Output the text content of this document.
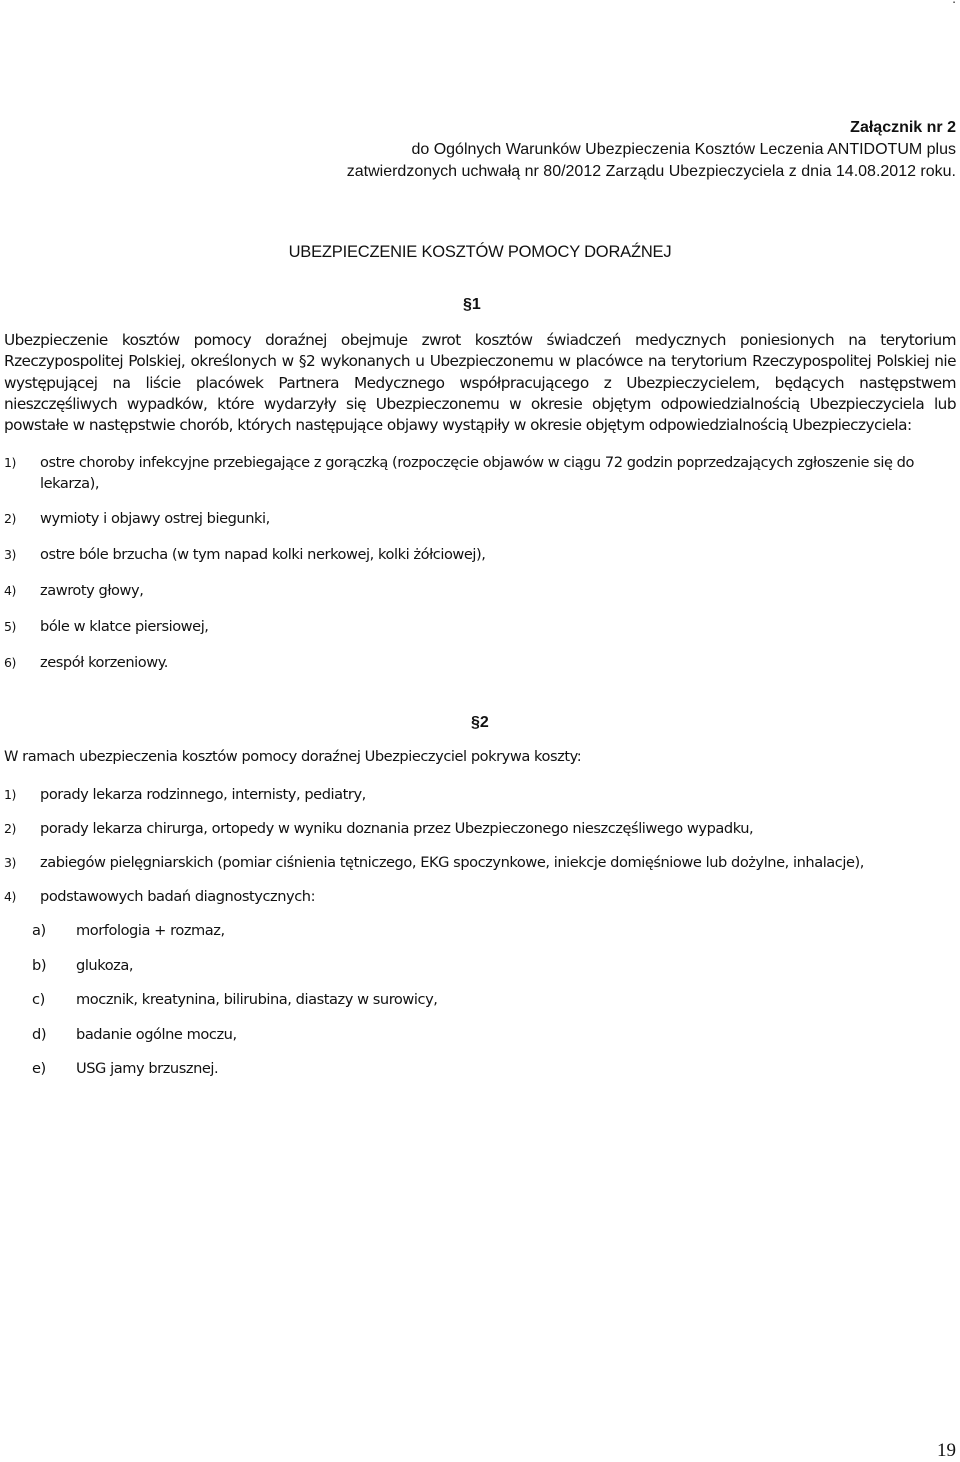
Załącznik nr 2
do Ogólnych Warunków Ubezpieczenia Kosztów Leczenia ANTIDOTUM plus
zatwierdzonych uchwałą nr 80/2012 Zarządu Ubezpieczyciela z dnia 14.08.2012 roku.
UBEZPIECZENIE KOSZTÓW POMOCY DORAŹNEJ
§1
Ubezpieczenie kosztów pomocy doraźnej obejmuje zwrot kosztów świadczeń medycznych poniesionych na terytorium Rzeczypospolitej Polskiej, określonych w §2 wykonanych u Ubezpieczonemu w placówce na terytorium Rzeczypospolitej Polskiej nie występującej na liście placówek Partnera Medycznego współpracującego z Ubezpieczycielem, będących następstwem nieszczęśliwych wypadków, które wydarzyły się Ubezpieczonemu w okresie objętym odpowiedzialnością Ubezpieczyciela lub powstałe w następstwie chorób, których następujące objawy wystąpiły w okresie objętym odpowiedzialnością Ubezpieczyciela:
1) ostre choroby infekcyjne przebiegające z gorączką (rozpoczęcie objawów w ciągu 72 godzin poprzedzających zgłoszenie się do lekarza),
2) wymioty i objawy ostrej biegunki,
3) ostre bóle brzucha (w tym napad kolki nerkowej, kolki żółciowej),
4) zawroty głowy,
5) bóle w klatce piersiowej,
6) zespół korzeniowy.
§2
W ramach ubezpieczenia kosztów pomocy doraźnej Ubezpieczyciel pokrywa koszty:
1) porady lekarza rodzinnego, internisty, pediatry,
2) porady lekarza chirurga, ortopedy w wyniku doznania przez Ubezpieczonego nieszczęśliwego wypadku,
3) zabiegów pielęgniarskich (pomiar ciśnienia tętniczego, EKG spoczynkowe, iniekcje domięśniowe lub dożylne, inhalacje),
4) podstawowych badań diagnostycznych:
a) morfologia + rozmaz,
b) glukoza,
c) mocznik, kreatynina, bilirubina, diastazy w surowicy,
d) badanie ogólne moczu,
e) USG jamy brzusznej.
19
